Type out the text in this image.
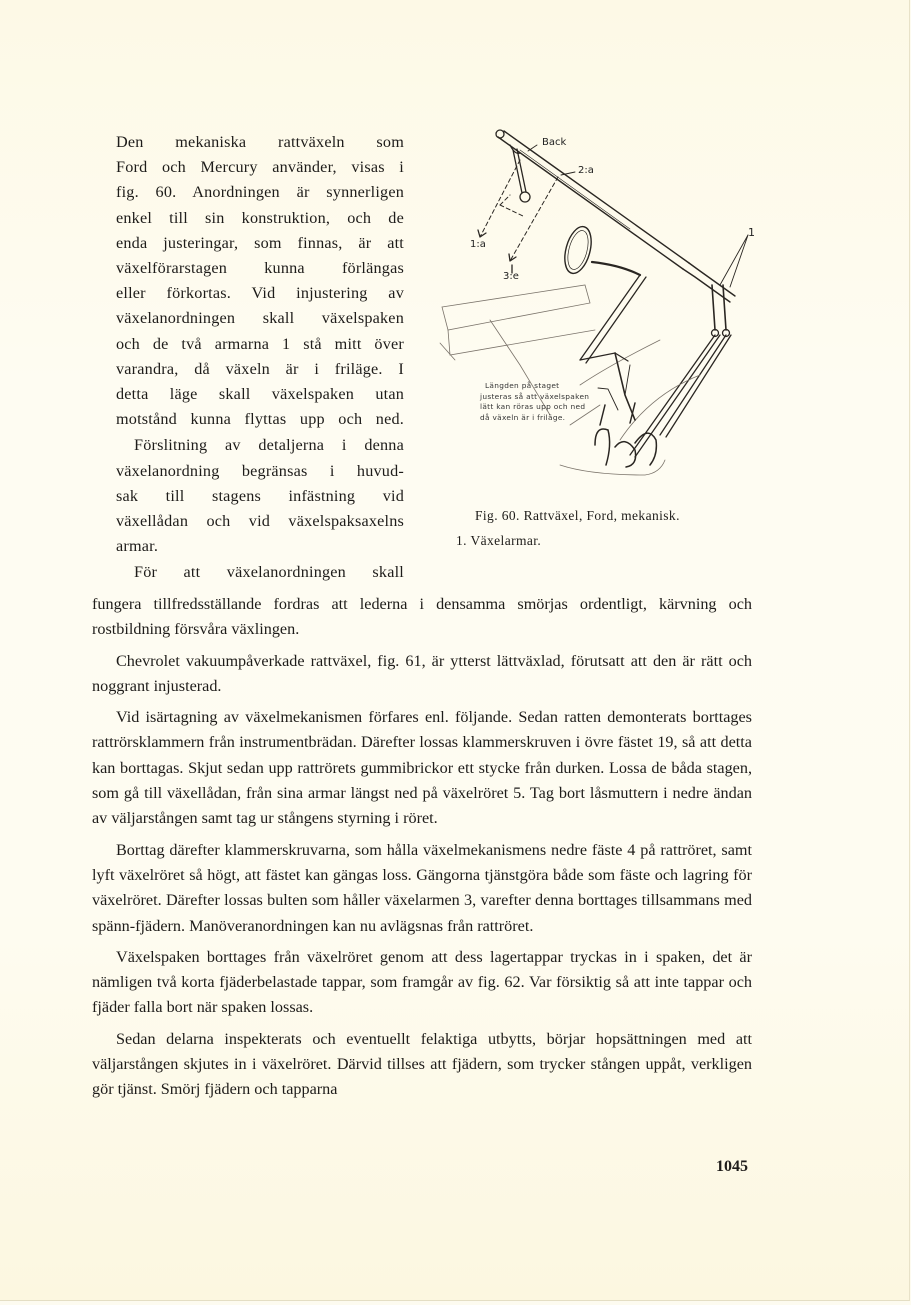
Den mekaniska rattväxeln som
Ford och Mercury använder, visas i
fig. 60. Anordningen är synnerligen
enkel till sin konstruktion, och de
enda justeringar, som finnas, är att
växelförarstagen kunna förlängas
eller förkortas. Vid injustering av
växelanordningen skall växelspaken
och de två armarna 1 stå mitt över
varandra, då växeln är i friläge. I
detta läge skall växelspaken utan
motstånd kunna flyttas upp och ned.

Förslitning av detaljerna i denna
växelanordning begränsas i huvud-
sak till stagens infästning vid
växellådan och vid växelspaksaxelns
armar.

För att växelanordningen skall

Back
2:a
1:a
3:e
1
Längden på staget
justeras så att växelspaken
lätt kan röras upp och ned
då växeln är i friläge.
Fig. 60. Rattväxel, Ford, mekanisk.
1. Växelarmar.

fungera tillfredsställande fordras att lederna i densamma smörjas ordentligt, kärvning och rostbildning försvåra växlingen.

Chevrolet vakuumpåverkade rattväxel, fig. 61, är ytterst lättväxlad, förutsatt att den är rätt och noggrant injusterad.

Vid isärtagning av växelmekanismen förfares enl. följande. Sedan ratten demonterats borttages rattrörsklammern från instrumentbrädan. Därefter lossas klammerskruven i övre fästet 19, så att detta kan borttagas. Skjut sedan upp rattrörets gummibrickor ett stycke från durken. Lossa de båda stagen, som gå till växellådan, från sina armar längst ned på växelröret 5. Tag bort låsmuttern i nedre ändan av väljarstången samt tag ur stångens styrning i röret.

Borttag därefter klammerskruvarna, som hålla växelmekanismens nedre fäste 4 på rattröret, samt lyft växelröret så högt, att fästet kan gängas loss. Gängorna tjänstgöra både som fäste och lagring för växelröret. Därefter lossas bulten som håller växelarmen 3, varefter denna borttages tillsammans med spänn-fjädern. Manöveranordningen kan nu avlägsnas från rattröret.

Växelspaken borttages från växelröret genom att dess lagertappar tryckas in i spaken, det är nämligen två korta fjäderbelastade tappar, som framgår av fig. 62. Var försiktig så att inte tappar och fjäder falla bort när spaken lossas.

Sedan delarna inspekterats och eventuellt felaktiga utbytts, börjar hopsättningen med att väljarstången skjutes in i växelröret. Därvid tillses att fjädern, som trycker stången uppåt, verkligen gör tjänst. Smörj fjädern och tapparna

1045
